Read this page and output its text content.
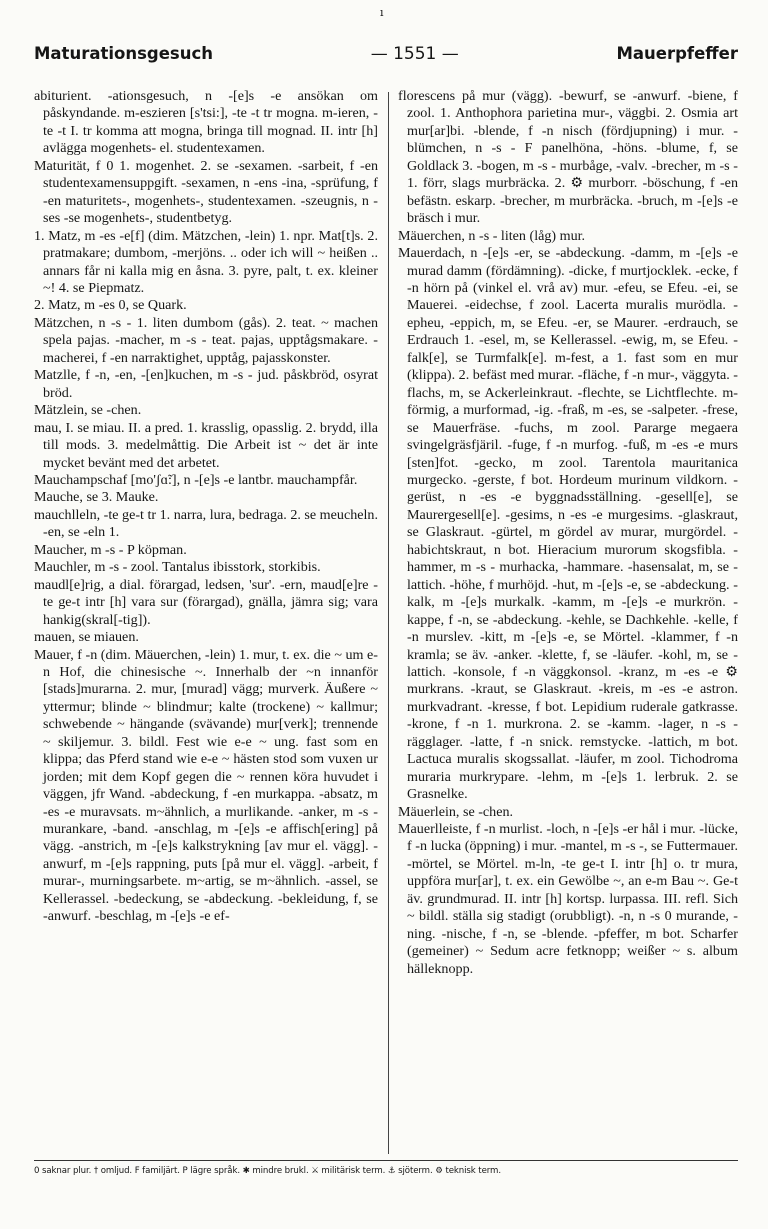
ı
Maturationsgesuch	— 1551 —	Mauerpfeffer

abiturient. -ationsgesuch, n -[e]s -e ansökan om påskyndande. m-eszieren [s'tsi:], -te -t tr mogna. m-ieren, -te -t I. tr komma att mogna, bringa till mognad. II. intr [h] avlägga mogenhets- el. studentexamen.

Maturität, f 0 1. mogenhet. 2. se -sexamen. -sarbeit, f -en studentexamensuppgift. -sexamen, n -ens -ina, -sprüfung, f -en maturitets-, mogenhets-, studentexamen. -szeugnis, n -ses -se mogenhets-, studentbetyg.

1. Matz, m -es -e[f] (dim. Mätzchen, -lein) 1. npr. Mat[t]s. 2. pratmakare; dumbom, -merjöns. .. oder ich will ~ heißen .. annars får ni kalla mig en åsna. 3. pyre, palt, t. ex. kleiner ~! 4. se Piepmatz.

2. Matz, m -es 0, se Quark.

Mätzchen, n -s - 1. liten dumbom (gås). 2. teat. ~ machen spela pajas. -macher, m -s - teat. pajas, upptågsmakare. -macherei, f -en narraktighet, upptåg, pajasskonster.

Matzlle, f -n, -en, -[en]kuchen, m -s - jud. påskbröd, osyrat bröd.

Mätzlein, se -chen.

mau, I. se miau. II. a pred. 1. krasslig, opasslig. 2. brydd, illa till mods. 3. medelmåttig. Die Arbeit ist ~ det är inte mycket bevänt med det arbetet.

Mauchampschaf [mo'ʃɑ̃:], n -[e]s -e lantbr. mauchampfår.

Mauche, se 3. Mauke.

mauchlleln, -te ge-t tr 1. narra, lura, bedraga. 2. se meucheln. -en, se -eln 1.

Maucher, m -s - P köpman.

Mauchler, m -s - zool. Tantalus ibisstork, storkibis.

maudl[e]rig, a dial. förargad, ledsen, 'sur'. -ern, maud[e]re -te ge-t intr [h] vara sur (förargad), gnälla, jämra sig; vara hankig(skral[-tig]).

mauen, se miauen.

Mauer, f -n (dim. Mäuerchen, -lein) 1. mur, t. ex. die ~ um e-n Hof, die chinesische ~. Innerhalb der ~n innanför [stads]murarna. 2. mur, [murad] vägg; murverk. Äußere ~ yttermur; blinde ~ blindmur; kalte (trockene) ~ kallmur; schwebende ~ hängande (svävande) mur[verk]; trennende ~ skiljemur. 3. bildl. Fest wie e-e ~ ung. fast som en klippa; das Pferd stand wie e-e ~ hästen stod som vuxen ur jorden; mit dem Kopf gegen die ~ rennen köra huvudet i väggen, jfr Wand. -abdeckung, f -en murkappa. -absatz, m -es -e muravsats. m~ähnlich, a murlikande. -anker, m -s - murankare, -band. -anschlag, m -[e]s -e affisch[ering] på vägg. -anstrich, m -[e]s kalkstrykning [av mur el. vägg]. -anwurf, m -[e]s rappning, puts [på mur el. vägg]. -arbeit, f murar-, murningsarbete. m~artig, se m~ähnlich. -assel, se Kellerassel. -bedeckung, se -abdeckung. -bekleidung, f, se -anwurf. -beschlag, m -[e]s -e ef-

florescens på mur (vägg). -bewurf, se -anwurf. -biene, f zool. 1. Anthophora parietina mur-, väggbi. 2. Osmia art mur[ar]bi. -blende, f -n nisch (fördjupning) i mur. -blümchen, n -s - F panelhöna, -höns. -blume, f, se Goldlack 3. -bogen, m -s - murbåge, -valv. -brecher, m -s - 1. förr, slags murbräcka. 2. ⚙ murborr. -böschung, f -en befästn. eskarp. -brecher, m murbräcka. -bruch, m -[e]s -e bräsch i mur.

Mäuerchen, n -s - liten (låg) mur.

Mauerdach, n -[e]s -er, se -abdeckung. -damm, m -[e]s -e murad damm (fördämning). -dicke, f murtjocklek. -ecke, f -n hörn på (vinkel el. vrå av) mur. -efeu, se Efeu. -ei, se Mauerei. -eidechse, f zool. Lacerta muralis murödla. -epheu, -eppich, m, se Efeu. -er, se Maurer. -erdrauch, se Erdrauch 1. -esel, m, se Kellerassel. -ewig, m, se Efeu. -falk[e], se Turmfalk[e]. m-fest, a 1. fast som en mur (klippa). 2. befäst med murar. -fläche, f -n mur-, väggyta. -flachs, m, se Ackerleinkraut. -flechte, se Lichtflechte. m-förmig, a murformad, -ig. -fraß, m -es, se -salpeter. -frese, se Mauerfräse. -fuchs, m zool. Pararge megaera svingelgräsfjäril. -fuge, f -n murfog. -fuß, m -es -e murs [sten]fot. -gecko, m zool. Tarentola mauritanica murgecko. -gerste, f bot. Hordeum murinum vildkorn. -gerüst, n -es -e byggnadsställning. -gesell[e], se Maurergesell[e]. -gesims, n -es -e murgesims. -glaskraut, se Glaskraut. -gürtel, m gördel av murar, murgördel. -habichtskraut, n bot. Hieracium murorum skogsfibla. -hammer, m -s - murhacka, -hammare. -hasensalat, m, se -lattich. -höhe, f murhöjd. -hut, m -[e]s -e, se -abdeckung. -kalk, m -[e]s murkalk. -kamm, m -[e]s -e murkrön. -kappe, f -n, se -abdeckung. -kehle, se Dachkehle. -kelle, f -n murslev. -kitt, m -[e]s -e, se Mörtel. -klammer, f -n kramla; se äv. -anker. -klette, f, se -läufer. -kohl, m, se -lattich. -konsole, f -n väggkonsol. -kranz, m -es -e ⚙ murkrans. -kraut, se Glaskraut. -kreis, m -es -e astron. murkvadrant. -kresse, f bot. Lepidium ruderale gatkrasse. -krone, f -n 1. murkrona. 2. se -kamm. -lager, n -s - rägglager. -latte, f -n snick. remstycke. -lattich, m bot. Lactuca muralis skogssallat. -läufer, m zool. Tichodroma muraria murkrypare. -lehm, m -[e]s 1. lerbruk. 2. se Grasnelke.

Mäuerlein, se -chen.

Mauerlleiste, f -n murlist. -loch, n -[e]s -er hål i mur. -lücke, f -n lucka (öppning) i mur. -mantel, m -s -, se Futtermauer. -mörtel, se Mörtel. m-ln, -te ge-t I. intr [h] o. tr mura, uppföra mur[ar], t. ex. ein Gewölbe ~, an e-m Bau ~. Ge-t äv. grundmurad. II. intr [h] kortsp. lurpassa. III. refl. Sich ~ bildl. ställa sig stadigt (orubbligt). -n, n -s 0 murande, -ning. -nische, f -n, se -blende. -pfeffer, m bot. Scharfer (gemeiner) ~ Sedum acre fetknopp; weißer ~ s. album hälleknopp.

0 saknar plur. † omljud. F familjärt. P lägre språk. ✱ mindre brukl. ⚔ militärisk term. ⚓ sjöterm. ⚙ teknisk term.
